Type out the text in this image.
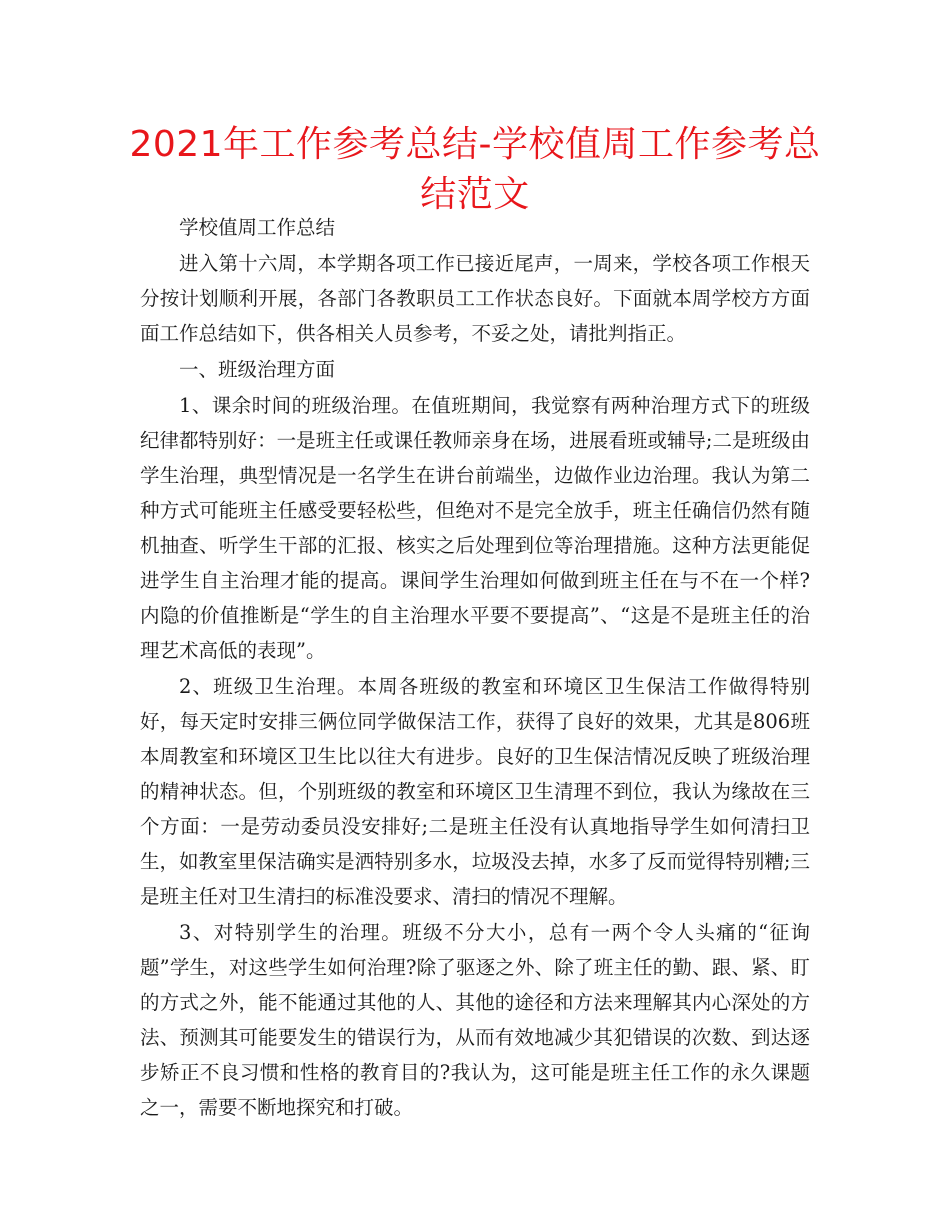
2021年工作参考总结-学校值周工作参考总结范文

学校值周工作总结

进入第十六周，本学期各项工作已接近尾声，一周来，学校各项工作根天分按计划顺利开展，各部门各教职员工工作状态良好。下面就本周学校方方面面工作总结如下，供各相关人员参考，不妥之处，请批判指正。

一、班级治理方面

1、课余时间的班级治理。在值班期间，我觉察有两种治理方式下的班级纪律都特别好：一是班主任或课任教师亲身在场，进展看班或辅导;二是班级由学生治理，典型情况是一名学生在讲台前端坐，边做作业边治理。我认为第二种方式可能班主任感受要轻松些，但绝对不是完全放手，班主任确信仍然有随机抽查、听学生干部的汇报、核实之后处理到位等治理措施。这种方法更能促进学生自主治理才能的提高。课间学生治理如何做到班主任在与不在一个样?内隐的价值推断是“学生的自主治理水平要不要提高”、“这是不是班主任的治理艺术高低的表现”。

2、班级卫生治理。本周各班级的教室和环境区卫生保洁工作做得特别好，每天定时安排三俩位同学做保洁工作，获得了良好的效果，尤其是806班本周教室和环境区卫生比以往大有进步。良好的卫生保洁情况反映了班级治理的精神状态。但，个别班级的教室和环境区卫生清理不到位，我认为缘故在三个方面：一是劳动委员没安排好;二是班主任没有认真地指导学生如何清扫卫生，如教室里保洁确实是洒特别多水，垃圾没去掉，水多了反而觉得特别糟;三是班主任对卫生清扫的标准没要求、清扫的情况不理解。

3、对特别学生的治理。班级不分大小，总有一两个令人头痛的“征询题”学生，对这些学生如何治理?除了驱逐之外、除了班主任的勤、跟、紧、盯的方式之外，能不能通过其他的人、其他的途径和方法来理解其内心深处的方法、预测其可能要发生的错误行为，从而有效地减少其犯错误的次数、到达逐步矫正不良习惯和性格的教育目的?我认为，这可能是班主任工作的永久课题之一，需要不断地探究和打破。
